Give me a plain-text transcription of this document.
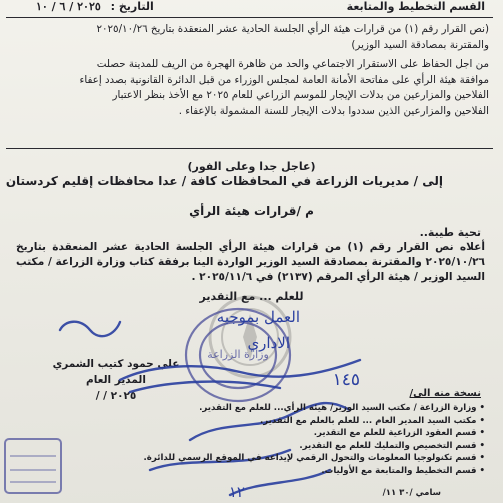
القسم التخطيط والمتابعة
التاريخ : ٢٠٢٥ / ٦ / ١٠

(نص القرار رقم (١) من قرارات هيئة الرأي الجلسة الحادية عشر المنعقدة بتاريخ ٢٠٢٥/١٠/٢٦

والمقترنة بمصادقة السيد الوزير)

من اجل الحفاظ على الاستقرار الاجتماعي والحد من ظاهرة الهجرة من الريف للمدينة حصلت

موافقة هيئة الرأي على مفاتحة الأمانة العامة لمجلس الوزراء من قبل الدائرة القانونية بصدد إعفاء

الفلاحين والمزارعين من بدلات الإيجار للموسم الزراعي للعام ٢٠٢٥ مع الأخذ بنظر الاعتبار

الفلاحين والمزارعين الذين سددوا بدلات الإيجار للسنة المشمولة بالإعفاء .

(عاجل جدا وعلى الفور)
إلى / مديريات الزراعة في المحافظات كافة / عدا محافظات إقليم كردستان
م /قرارات هيئة الرأي
تحية طيبة..
أعلاه نص القرار رقم (١) من قرارات هيئة الرأي الجلسة الحادية عشر المنعقدة بتاريخ ٢٠٢٥/١٠/٢٦ والمقترنة بمصادقة السيد الوزير الواردة الينا برفقة كتاب وزارة الزراعة / مكتب السيد الوزير / هيئة الرأي المرقم (٢١٣٧) في ٢٠٢٥/١١/٦ .
للعلم ... مع التقدير
علي حمود كتيب الشمري
المدير العام
٢٠٢٥ / /
وزارة الزراعة
الاداري
العمل بموجبه
١٤٥
١٢
نسخة منه الى/
• وزارة الزراعة / مكتب السيد الوزير/ هيئة الرأي... للعلم مع التقدير.
• مكتب السيد المدير العام ... للعلم بالعلم مع التقدير.
• قسم العقود الزراعية للعلم مع التقدير.
• قسم التخصيص والتمليك للعلم مع التقدير.
• قسم تكنولوجيا المعلومات والتحول الرقمي لإيداعه في الموقع الرسمي للدائرة.
• قسم التخطيط والمتابعة مع الأوليات.
سامي /٣٠ ١١/
